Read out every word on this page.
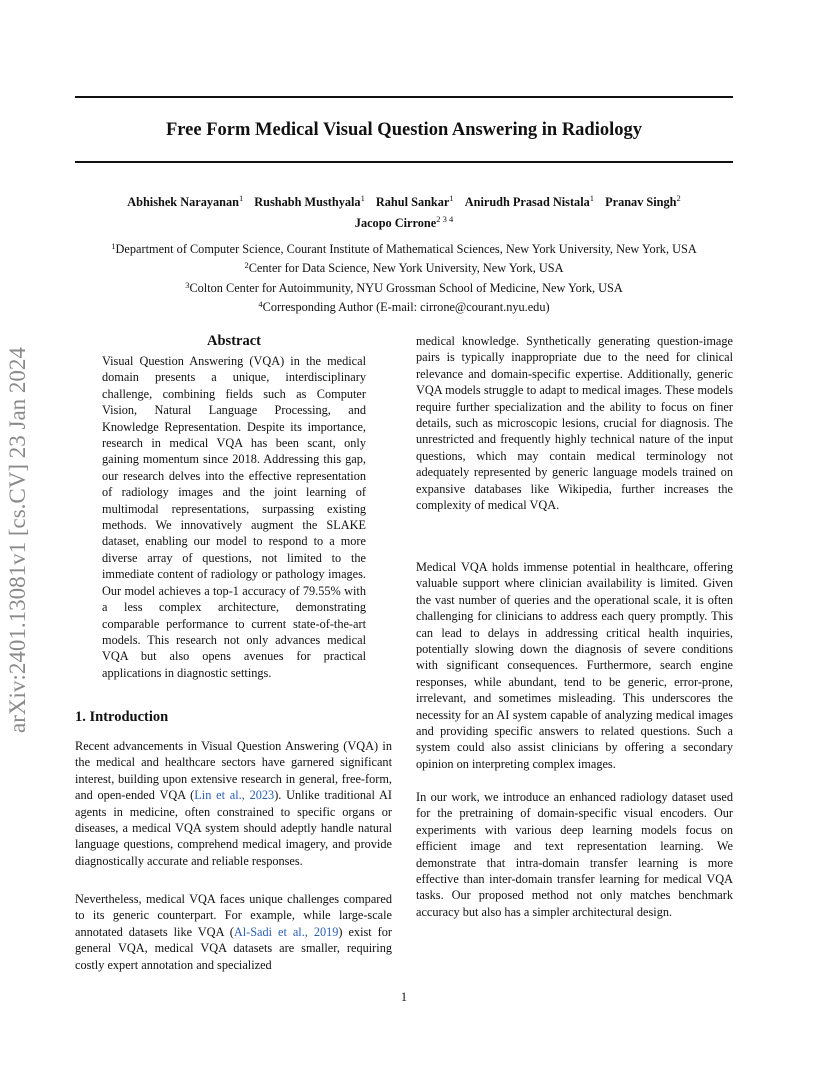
Free Form Medical Visual Question Answering in Radiology
Abhishek Narayanan$^1$ Rushabh Musthyala$^1$ Rahul Sankar$^1$ Anirudh Prasad Nistala$^1$ Pranav Singh$^2$
Jacopo Cirrone$^{2 3 4}$
$^1$Department of Computer Science, Courant Institute of Mathematical Sciences, New York University, New York, USA
$^2$Center for Data Science, New York University, New York, USA
$^3$Colton Center for Autoimmunity, NYU Grossman School of Medicine, New York, USA
$^4$Corresponding Author (E-mail: cirrone@courant.nyu.edu)
arXiv:2401.13081v1 [cs.CV] 23 Jan 2024
Abstract

Visual Question Answering (VQA) in the medical domain presents a unique, interdisciplinary challenge, combining fields such as Computer Vision, Natural Language Processing, and Knowledge Representation. Despite its importance, research in medical VQA has been scant, only gaining momentum since 2018. Addressing this gap, our research delves into the effective representation of radiology images and the joint learning of multimodal representations, surpassing existing methods. We innovatively augment the SLAKE dataset, enabling our model to respond to a more diverse array of questions, not limited to the immediate content of radiology or pathology images. Our model achieves a top-1 accuracy of 79.55% with a less complex architecture, demonstrating comparable performance to current state-of-the-art models. This research not only advances medical VQA but also opens avenues for practical applications in diagnostic settings.

1. Introduction

Recent advancements in Visual Question Answering (VQA) in the medical and healthcare sectors have garnered significant interest, building upon extensive research in general, free-form, and open-ended VQA (Lin et al., 2023). Unlike traditional AI agents in medicine, often constrained to specific organs or diseases, a medical VQA system should adeptly handle natural language questions, comprehend medical imagery, and provide diagnostically accurate and reliable responses.

Nevertheless, medical VQA faces unique challenges compared to its generic counterpart. For example, while large-scale annotated datasets like VQA (Al-Sadi et al., 2019) exist for general VQA, medical VQA datasets are smaller, requiring costly expert annotation and specialized

medical knowledge. Synthetically generating question-image pairs is typically inappropriate due to the need for clinical relevance and domain-specific expertise. Additionally, generic VQA models struggle to adapt to medical images. These models require further specialization and the ability to focus on finer details, such as microscopic lesions, crucial for diagnosis. The unrestricted and frequently highly technical nature of the input questions, which may contain medical terminology not adequately represented by generic language models trained on expansive databases like Wikipedia, further increases the complexity of medical VQA.

Medical VQA holds immense potential in healthcare, offering valuable support where clinician availability is limited. Given the vast number of queries and the operational scale, it is often challenging for clinicians to address each query promptly. This can lead to delays in addressing critical health inquiries, potentially slowing down the diagnosis of severe conditions with significant consequences. Furthermore, search engine responses, while abundant, tend to be generic, error-prone, irrelevant, and sometimes misleading. This underscores the necessity for an AI system capable of analyzing medical images and providing specific answers to related questions. Such a system could also assist clinicians by offering a secondary opinion on interpreting complex images.

In our work, we introduce an enhanced radiology dataset used for the pretraining of domain-specific visual encoders. Our experiments with various deep learning models focus on efficient image and text representation learning. We demonstrate that intra-domain transfer learning is more effective than inter-domain transfer learning for medical VQA tasks. Our proposed method not only matches benchmark accuracy but also has a simpler architectural design.

1
